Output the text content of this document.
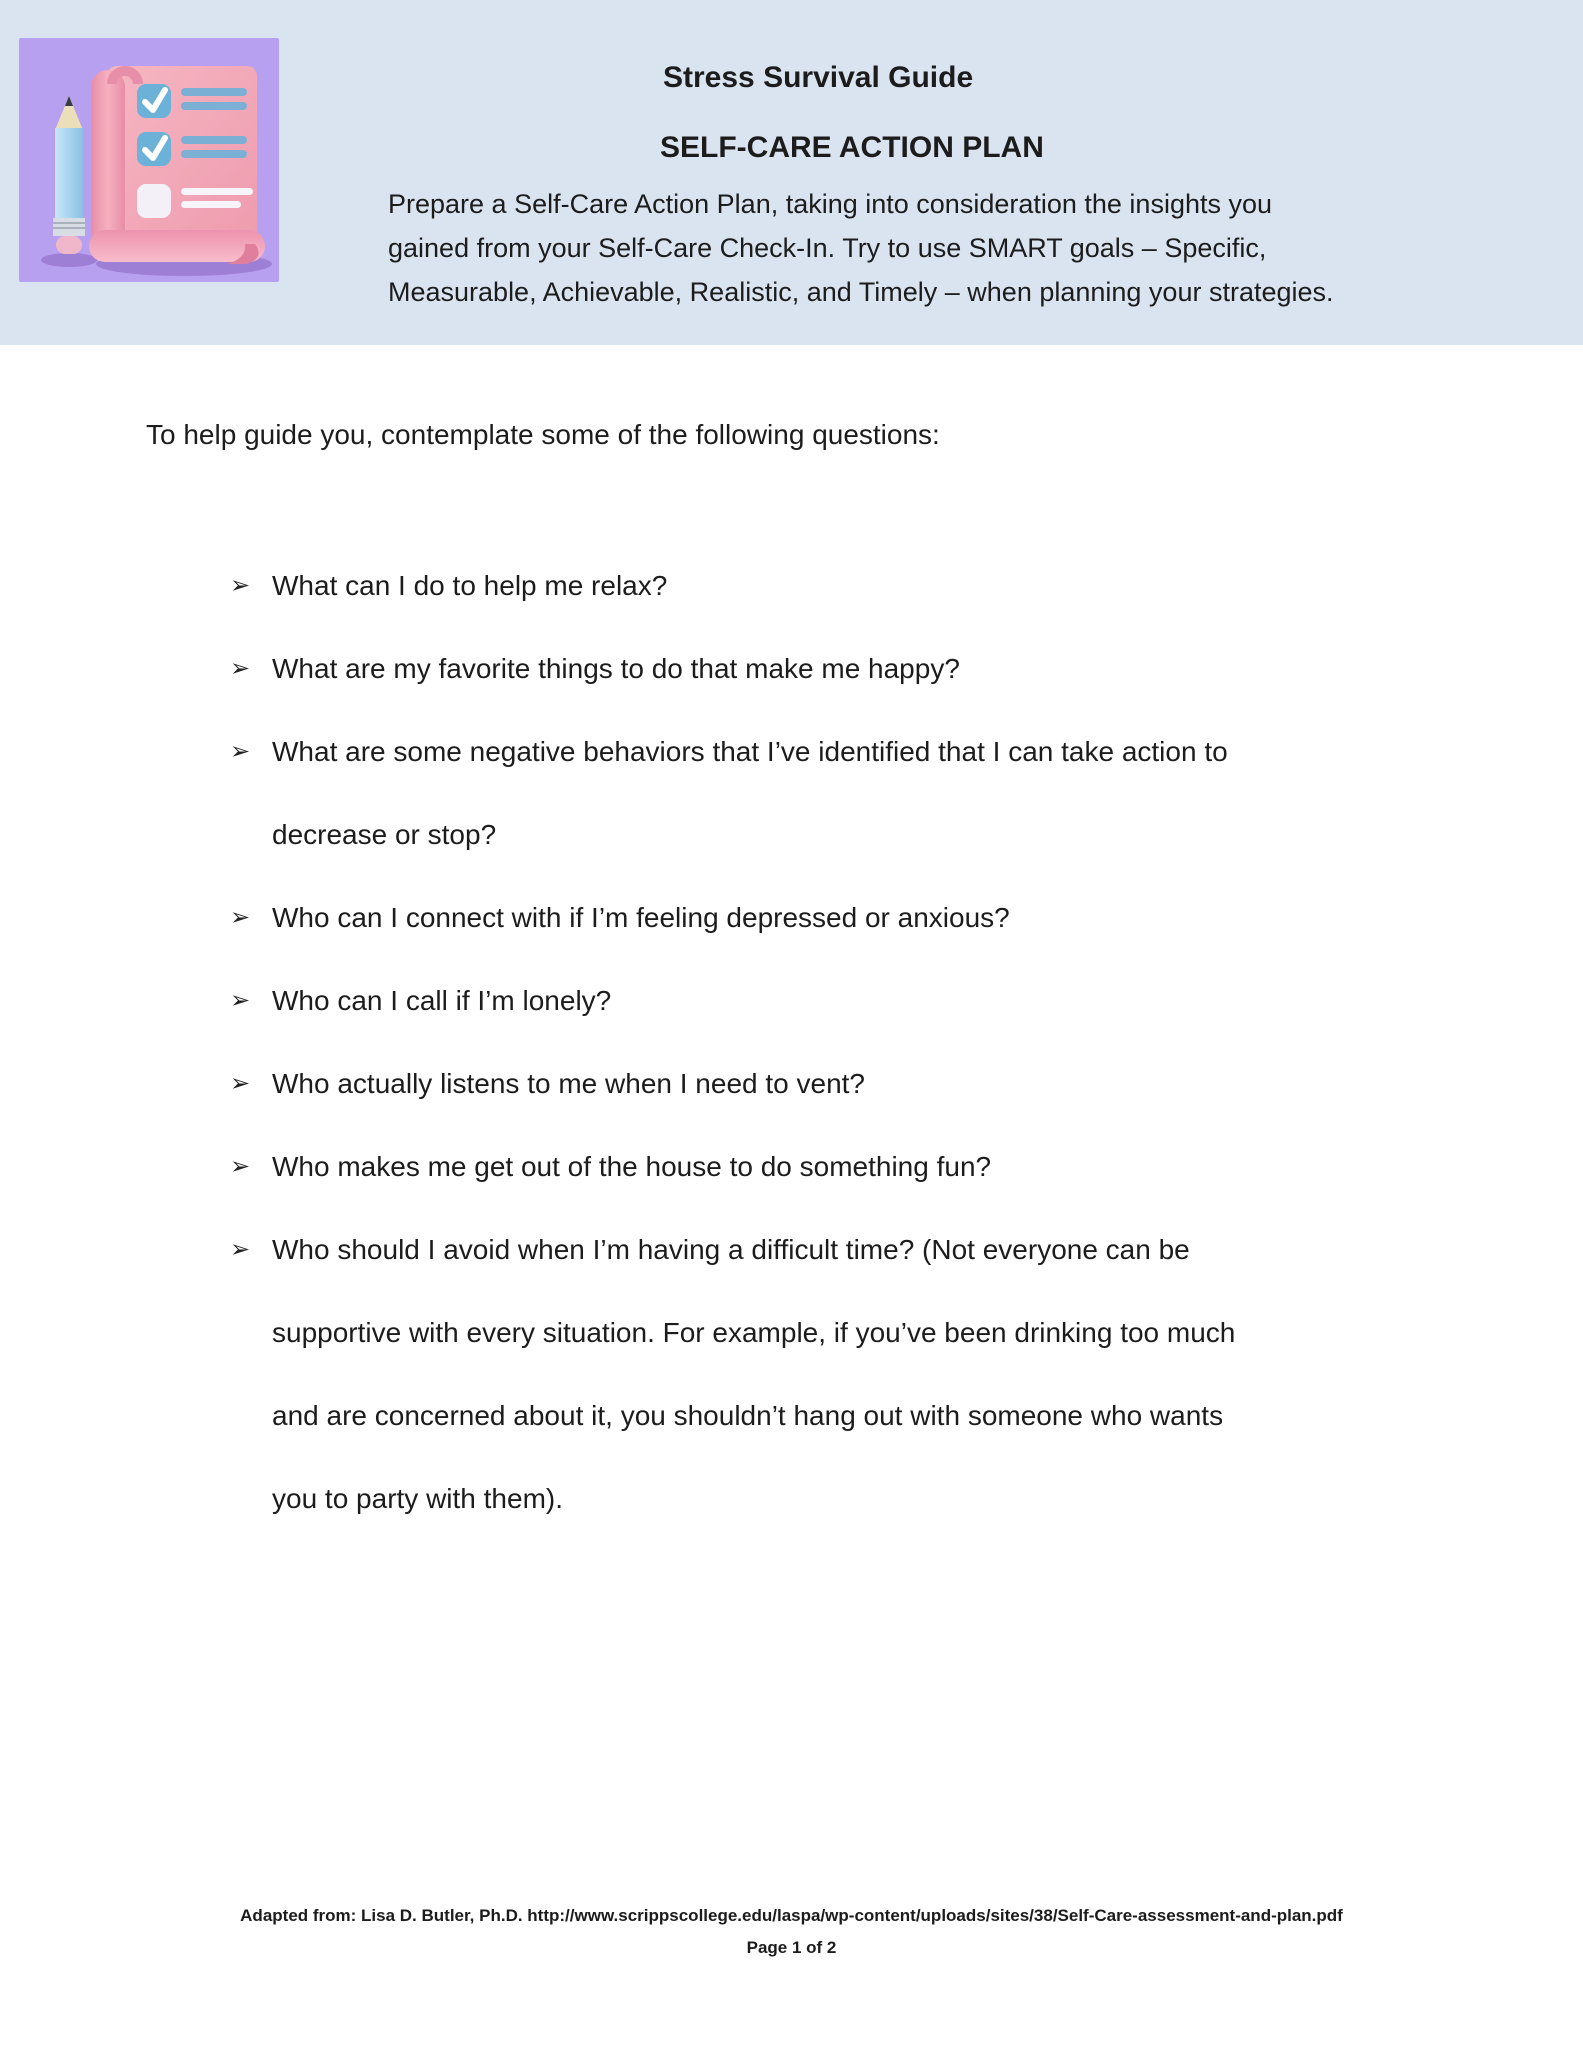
Stress Survival Guide
SELF-CARE ACTION PLAN
Prepare a Self-Care Action Plan, taking into consideration the insights you
gained from your Self-Care Check-In. Try to use SMART goals – Specific,
Measurable, Achievable, Realistic, and Timely – when planning your strategies.
To help guide you, contemplate some of the following questions:
➢ What can I do to help me relax?
➢ What are my favorite things to do that make me happy?
➢ What are some negative behaviors that I’ve identified that I can take action to
decrease or stop?
➢ Who can I connect with if I’m feeling depressed or anxious?
➢ Who can I call if I’m lonely?
➢ Who actually listens to me when I need to vent?
➢ Who makes me get out of the house to do something fun?
➢ Who should I avoid when I’m having a difficult time? (Not everyone can be
supportive with every situation. For example, if you’ve been drinking too much
and are concerned about it, you shouldn’t hang out with someone who wants
you to party with them).
Adapted from: Lisa D. Butler, Ph.D. http://www.scrippscollege.edu/laspa/wp-content/uploads/sites/38/Self-Care-assessment-and-plan.pdf
Page 1 of 2
